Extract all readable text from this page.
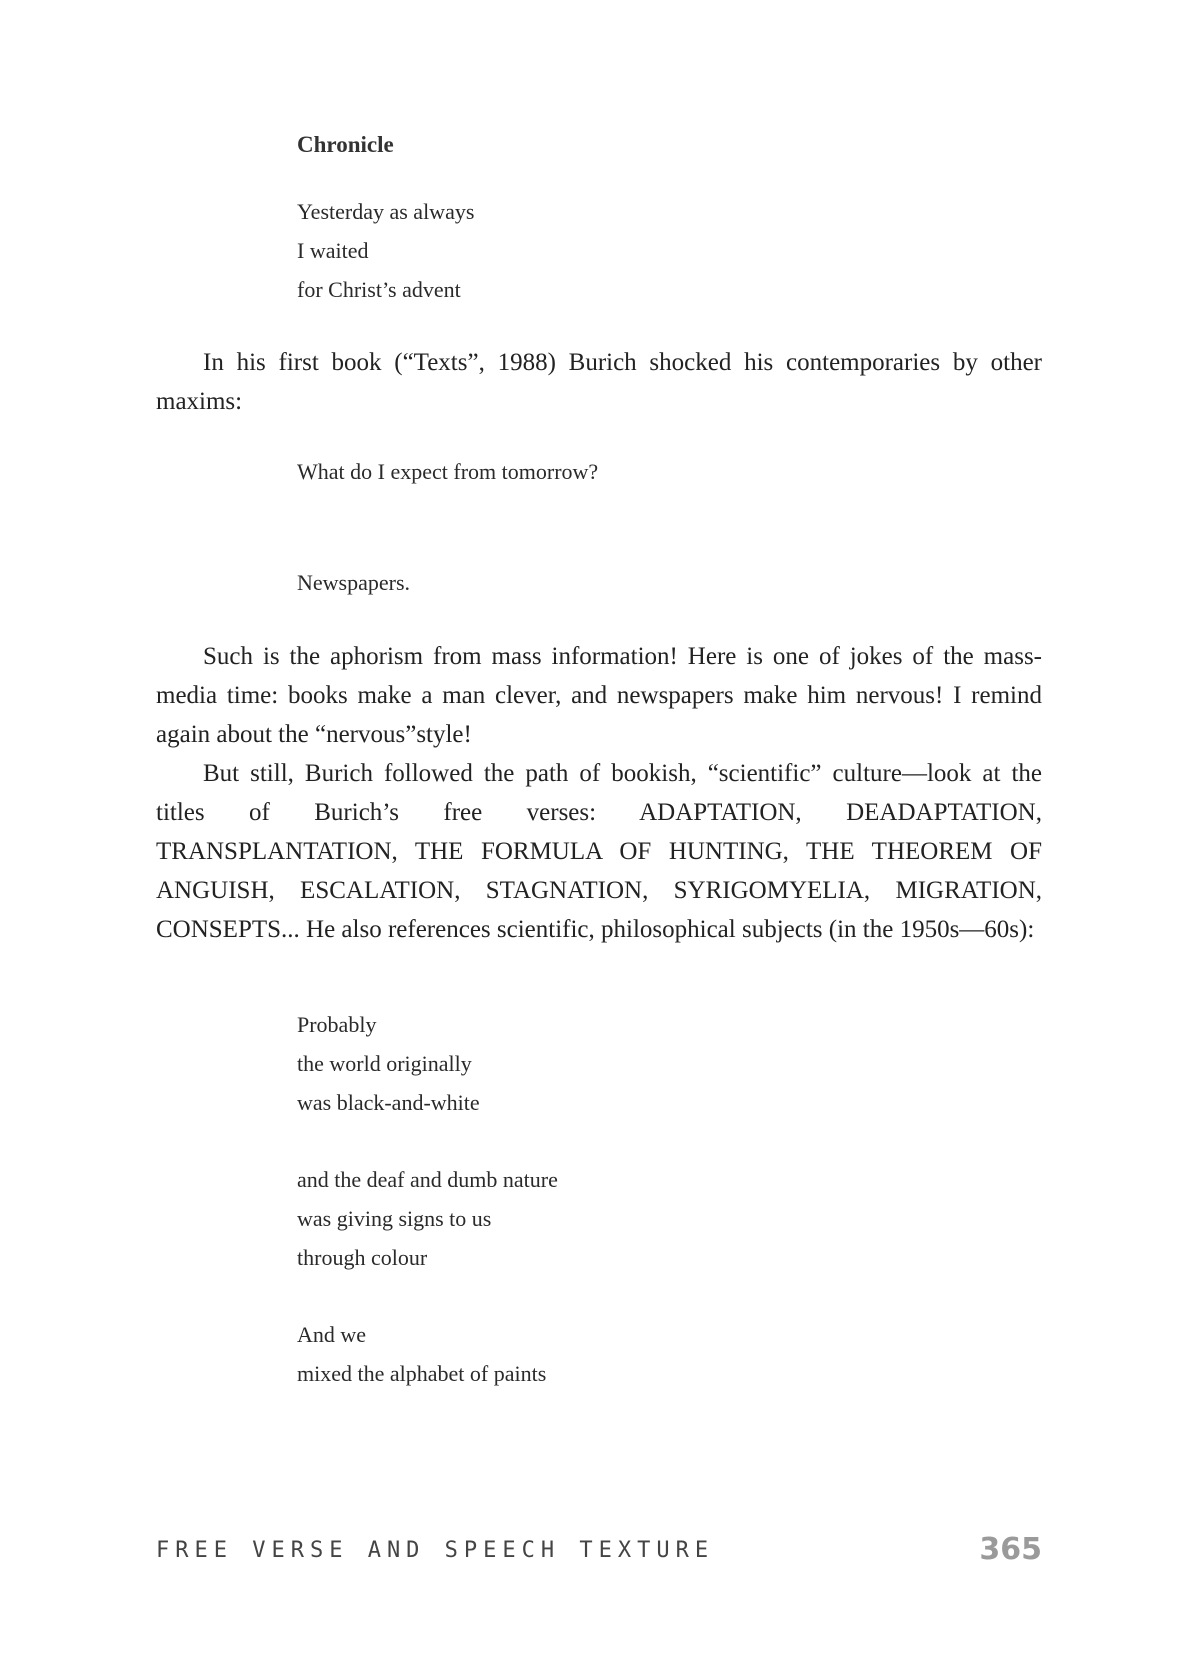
Chronicle
Yesterday as always
I waited
for Christ’s advent

In his first book (“Texts”, 1988) Burich shocked his contemporaries by other maxims:

What do I expect from tomorrow?
Newspapers.

Such is the aphorism from mass information! Here is one of jokes of the mass-media time: books make a man clever, and newspapers make him nervous! I remind again about the “nervous”style!

But still, Burich followed the path of bookish, “scientific” culture—look at the titles of Burich’s free verses: ADAPTATION, DEADAPTATION, TRANSPLANTATION, THE FORMULA OF HUNTING, THE THEOREM OF ANGUISH, ESCALATION, STAGNATION, SYRIGOMYELIA, MIGRATION, CONSEPTS... He also references scientific, philosophical subjects (in the 1950s—60s):

Probably
the world originally
was black-and-white
and the deaf and dumb nature
was giving signs to us
through colour
And we
mixed the alphabet of paints

FREE VERSE AND SPEECH TEXTURE	365
